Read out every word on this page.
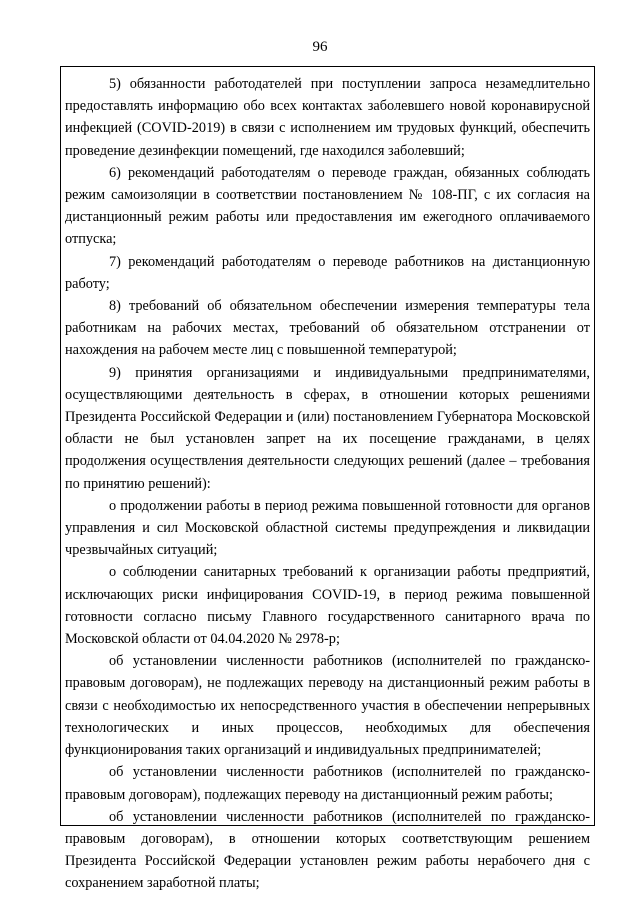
96

5) обязанности работодателей при поступлении запроса незамедлительно предоставлять информацию обо всех контактах заболевшего новой коронавирусной инфекцией (COVID-2019) в связи с исполнением им трудовых функций, обеспечить проведение дезинфекции помещений, где находился заболевший;

6) рекомендаций работодателям о переводе граждан, обязанных соблюдать режим самоизоляции в соответствии постановлением № 108-ПГ, с их согласия на дистанционный режим работы или предоставления им ежегодного оплачиваемого отпуска;

7) рекомендаций работодателям о переводе работников на дистанционную работу;

8) требований об обязательном обеспечении измерения температуры тела работникам на рабочих местах, требований об обязательном отстранении от нахождения на рабочем месте лиц с повышенной температурой;

9) принятия организациями и индивидуальными предпринимателями, осуществляющими деятельность в сферах, в отношении которых решениями Президента Российской Федерации и (или) постановлением Губернатора Московской области не был установлен запрет на их посещение гражданами, в целях продолжения осуществления деятельности следующих решений (далее – требования по принятию решений):

о продолжении работы в период режима повышенной готовности для органов управления и сил Московской областной системы предупреждения и ликвидации чрезвычайных ситуаций;

о соблюдении санитарных требований к организации работы предприятий, исключающих риски инфицирования COVID-19, в период режима повышенной готовности согласно письму Главного государственного санитарного врача по Московской области от 04.04.2020 № 2978-р;

об установлении численности работников (исполнителей по гражданско-правовым договорам), не подлежащих переводу на дистанционный режим работы в связи с необходимостью их непосредственного участия в обеспечении непрерывных технологических и иных процессов, необходимых для обеспечения функционирования таких организаций и индивидуальных предпринимателей;

об установлении численности работников (исполнителей по гражданско-правовым договорам), подлежащих переводу на дистанционный режим работы;

об установлении численности работников (исполнителей по гражданско-правовым договорам), в отношении которых соответствующим решением Президента Российской Федерации установлен режим работы нерабочего дня с сохранением заработной платы;
